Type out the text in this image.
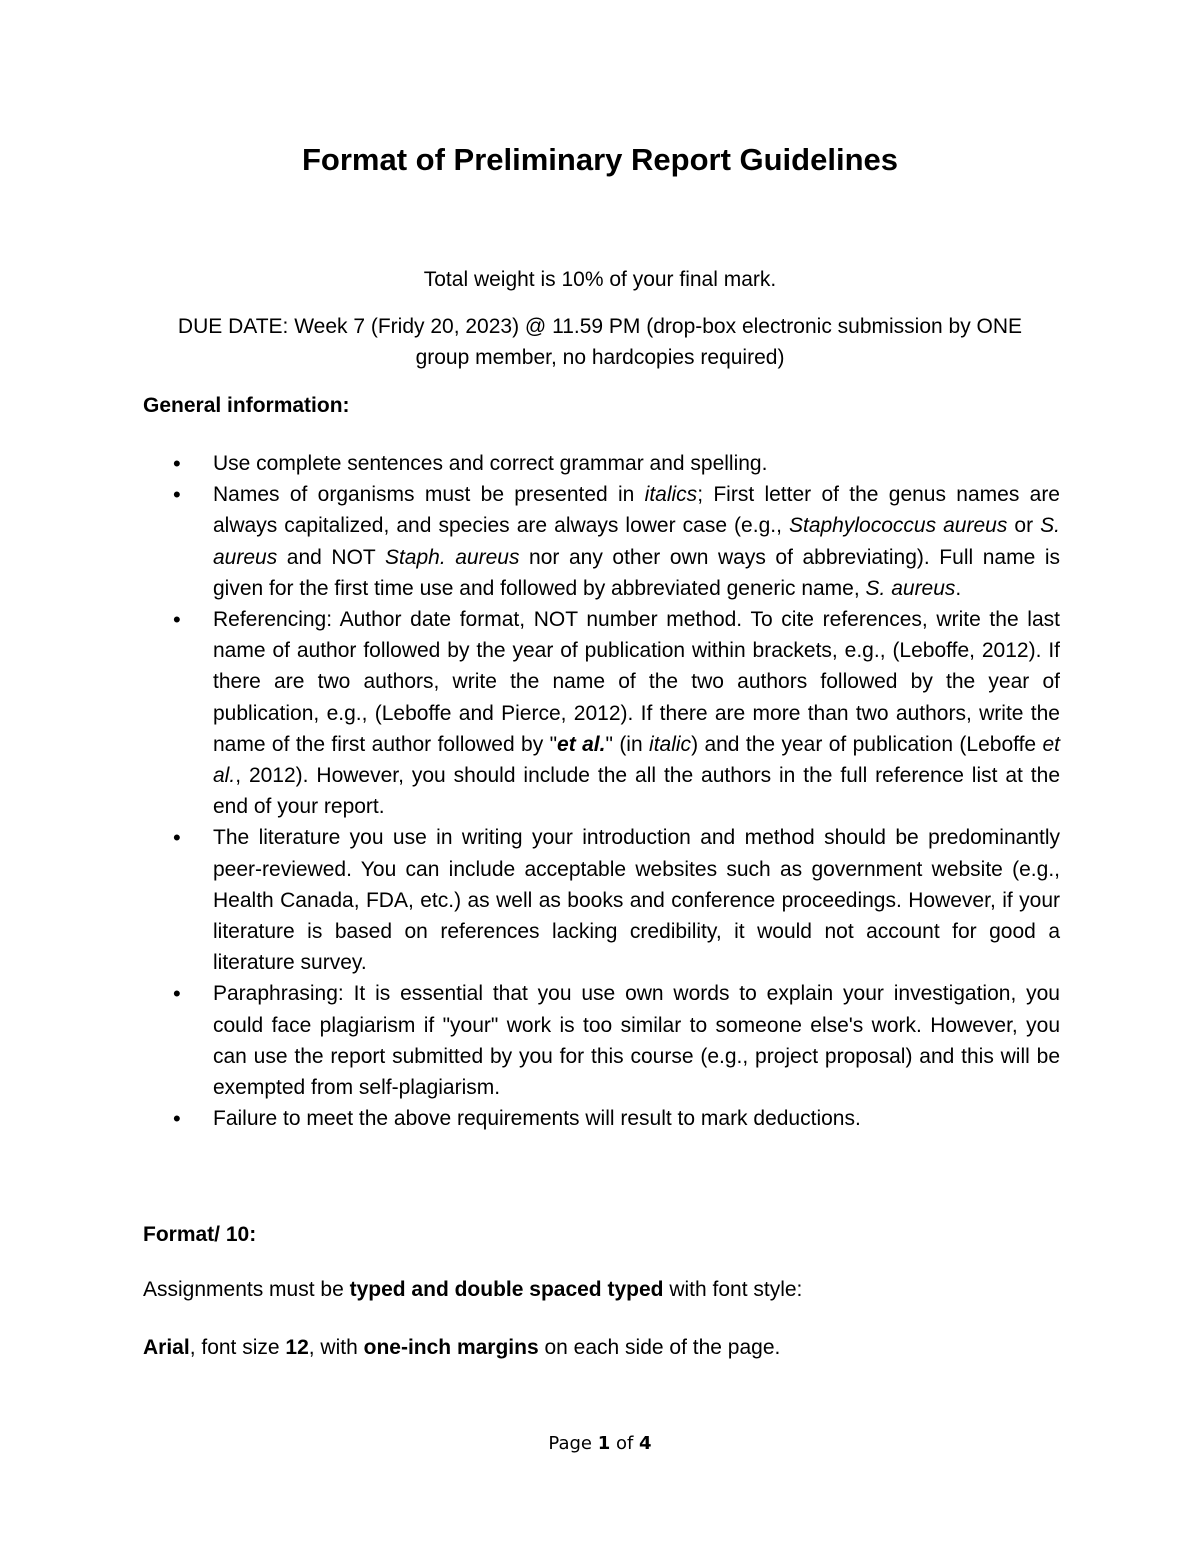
Format of Preliminary Report Guidelines
Total weight is 10% of your final mark.
DUE DATE: Week 7 (Fridy 20, 2023) @ 11.59 PM (drop-box electronic submission by ONE
group member, no hardcopies required)
General information:
• Use complete sentences and correct grammar and spelling.
• Names of organisms must be presented in italics; First letter of the genus names are always capitalized, and species are always lower case (e.g., Staphylococcus aureus or S. aureus and NOT Staph. aureus nor any other own ways of abbreviating). Full name is given for the first time use and followed by abbreviated generic name, S. aureus.
• Referencing: Author date format, NOT number method. To cite references, write the last name of author followed by the year of publication within brackets, e.g., (Leboffe, 2012). If there are two authors, write the name of the two authors followed by the year of publication, e.g., (Leboffe and Pierce, 2012). If there are more than two authors, write the name of the first author followed by "et al." (in italic) and the year of publication (Leboffe et al., 2012). However, you should include the all the authors in the full reference list at the end of your report.
• The literature you use in writing your introduction and method should be predominantly peer-reviewed. You can include acceptable websites such as government website (e.g., Health Canada, FDA, etc.) as well as books and conference proceedings. However, if your literature is based on references lacking credibility, it would not account for good a literature survey.
• Paraphrasing: It is essential that you use own words to explain your investigation, you could face plagiarism if "your" work is too similar to someone else's work. However, you can use the report submitted by you for this course (e.g., project proposal) and this will be exempted from self-plagiarism.
• Failure to meet the above requirements will result to mark deductions.
Format/ 10:
Assignments must be typed and double spaced typed with font style:
Arial, font size 12, with one-inch margins on each side of the page.
Page 1 of 4
